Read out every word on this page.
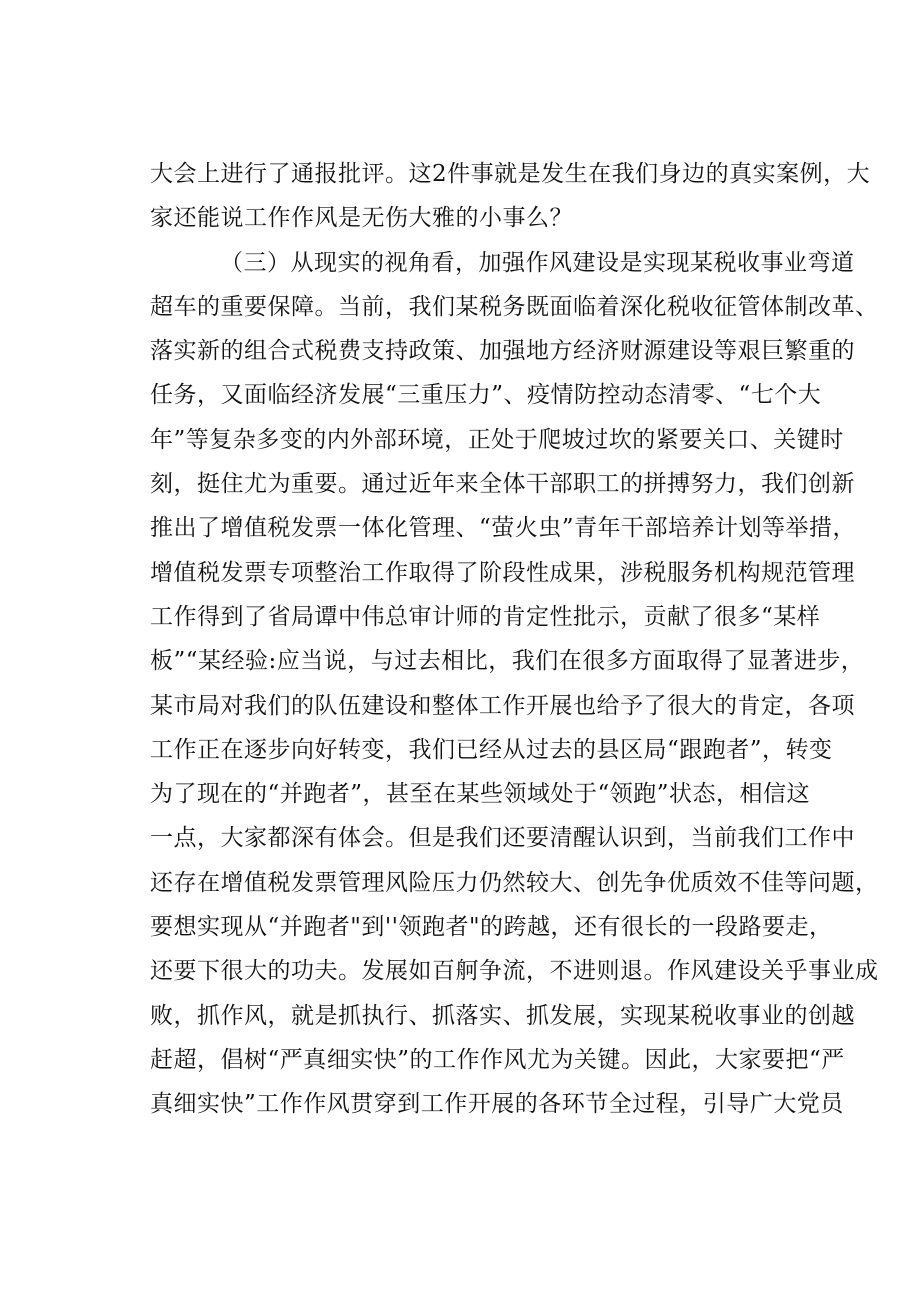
大会上进行了通报批评。这2件事就是发生在我们身边的真实案例，大
家还能说工作作风是无伤大雅的小事么？
（三）从现实的视角看，加强作风建设是实现某税收事业弯道
超车的重要保障。当前，我们某税务既面临着深化税收征管体制改革、
落实新的组合式税费支持政策、加强地方经济财源建设等艰巨繁重的
任务，又面临经济发展“三重压力”、疫情防控动态清零、“七个大
年”等复杂多变的内外部环境，正处于爬坡过坎的紧要关口、关键时
刻，挺住尤为重要。通过近年来全体干部职工的拼搏努力，我们创新
推出了增值税发票一体化管理、“萤火虫”青年干部培养计划等举措，
增值税发票专项整治工作取得了阶段性成果，涉税服务机构规范管理
工作得到了省局谭中伟总审计师的肯定性批示，贡献了很多“某样
板”“某经验:应当说，与过去相比，我们在很多方面取得了显著进步，
某市局对我们的队伍建设和整体工作开展也给予了很大的肯定，各项
工作正在逐步向好转变，我们已经从过去的县区局“跟跑者”，转变
为了现在的“并跑者”，甚至在某些领域处于“领跑”状态，相信这
一点，大家都深有体会。但是我们还要清醒认识到，当前我们工作中
还存在增值税发票管理风险压力仍然较大、创先争优质效不佳等问题，
要想实现从“并跑者"到''领跑者"的跨越，还有很长的一段路要走，
还要下很大的功夫。发展如百舸争流，不进则退。作风建设关乎事业成
败，抓作风，就是抓执行、抓落实、抓发展，实现某税收事业的创越
赶超，倡树“严真细实快”的工作作风尤为关键。因此，大家要把“严
真细实快”工作作风贯穿到工作开展的各环节全过程，引导广大党员
